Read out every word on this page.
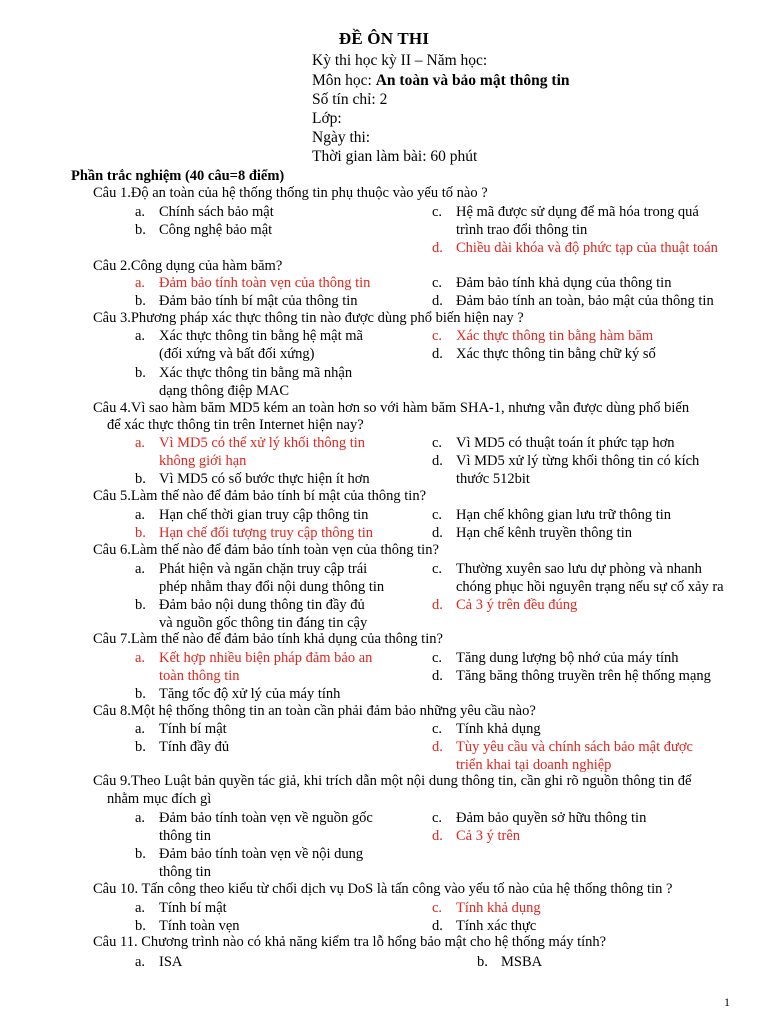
ĐỀ ÔN THI
Kỳ thi học kỳ II – Năm học:
Môn học: An toàn và bảo mật thông tin
Số tín chỉ: 2
Lớp:
Ngày thi:
Thời gian làm bài: 60 phút
Phần trắc nghiệm (40 câu=8 điểm)
Câu 1.Độ an toàn của hệ thống thống tin phụ thuộc vào yếu tố nào ?
a. Chính sách bảo mật
b. Công nghệ bảo mật
c. Hệ mã được sử dụng để mã hóa trong quá
trình trao đổi thông tin
d. Chiều dài khóa và độ phức tạp của thuật toán
Câu 2.Công dụng của hàm băm?
a. Đảm bảo tính toàn vẹn của thông tin
b. Đảm bảo tính bí mật của thông tin
c. Đảm bảo tính khả dụng của thông tin
d. Đảm bảo tính an toàn, bảo mật của thông tin
Câu 3.Phương pháp xác thực thông tin nào được dùng phổ biến hiện nay ?
a. Xác thực thông tin bằng hệ mật mã
(đối xứng và bất đối xứng)
b. Xác thực thông tin bằng mã nhận
dạng thông điệp MAC
c. Xác thực thông tin bằng hàm băm
d. Xác thực thông tin bằng chữ ký số
Câu 4.Vì sao hàm băm MD5 kém an toàn hơn so với hàm băm SHA-1, nhưng vẫn được dùng phổ biến
để xác thực thông tin trên Internet hiện nay?
a. Vì MD5 có thể xử lý khối thông tin
không giới hạn
b. Vì MD5 có số bước thực hiện ít hơn
c. Vì MD5 có thuật toán ít phức tạp hơn
d. Vì MD5 xử lý từng khối thông tin có kích
thước 512bit
Câu 5.Làm thế nào để đảm bảo tính bí mật của thông tin?
a. Hạn chế thời gian truy cập thông tin
b. Hạn chế đối tượng truy cập thông tin
c. Hạn chế không gian lưu trữ thông tin
d. Hạn chế kênh truyền thông tin
Câu 6.Làm thế nào để đảm bảo tính toàn vẹn của thông tin?
a. Phát hiện và ngăn chặn truy cập trái
phép nhằm thay đổi nội dung thông tin
b. Đảm bảo nội dung thông tin đầy đủ
và nguồn gốc thông tin đáng tin cậy
c. Thường xuyên sao lưu dự phòng và nhanh
chóng phục hồi nguyên trạng nếu sự cố xảy ra
d. Cả 3 ý trên đều đúng
Câu 7.Làm thế nào để đảm bảo tính khả dụng của thông tin?
a. Kết hợp nhiều biện pháp đảm bảo an
toàn thông tin
b. Tăng tốc độ xử lý của máy tính
c. Tăng dung lượng bộ nhớ của máy tính
d. Tăng băng thông truyền trên hệ thống mạng
Câu 8.Một hệ thống thông tin an toàn cần phải đảm bảo những yêu cầu nào?
a. Tính bí mật
b. Tính đầy đủ
c. Tính khả dụng
d. Tùy yêu cầu và chính sách bảo mật được
triển khai tại doanh nghiệp
Câu 9.Theo Luật bản quyền tác giả, khi trích dẫn một nội dung thông tin, cần ghi rõ nguồn thông tin để
nhằm mục đích gì
a. Đảm bảo tính toàn vẹn về nguồn gốc
thông tin
b. Đảm bảo tính toàn vẹn về nội dung
thông tin
c. Đảm bảo quyền sở hữu thông tin
d. Cả 3 ý trên
Câu 10. Tấn công theo kiểu từ chối dịch vụ DoS là tấn công vào yếu tố nào của hệ thống thông tin ?
a. Tính bí mật
b. Tính toàn vẹn
c. Tính khả dụng
d. Tính xác thực
Câu 11. Chương trình nào có khả năng kiểm tra lỗ hổng bảo mật cho hệ thống máy tính?
a. ISA	b. MSBA
1
